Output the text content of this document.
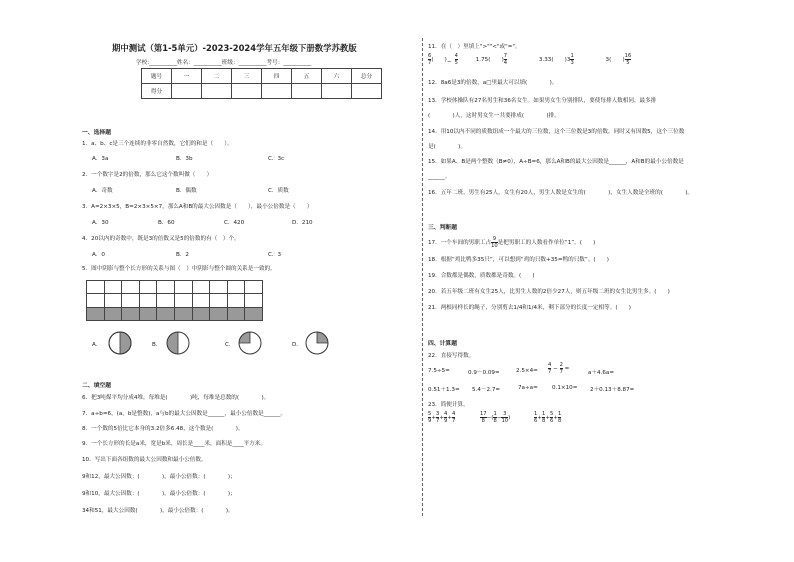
期中测试（第1-5单元）-2023-2024学年五年级下册数学苏教版
学校:__________姓名：__________班级：__________考号：__________
题号	一	二	三	四	五	六	总分
得分							
一、选择题
1．a、b、c是三个连续的非零自然数，它们的和是（　　）。
A．3a	B．3b	C．3c
2．一个数字是2的倍数，那么它这个数叫做（　　）
A．奇数	B．偶数	C．质数
3．A=2×3×5，B=2×3×5×7，那么A和B的最大公因数是（　　），最小公倍数是（　　）
A．30	B．60	C．420	D．210
4．20以内的奇数中，既是3的倍数又是5的倍数的有（　）个。
A．0	B．2	C．3
5．图中阴影与整个长方形的关系与图（　）中阴影与整个圆的关系是一致的。
A．	B．	C．	D．
二、填空题
6．把3吨煤平均分成4堆，每堆是(　　　　)吨，每堆是总数的(　　　　)。
7．a÷b=6，(a，b是整数)，a与b的最大公因数是______，最小公倍数是______。
8．一个数的5倍比它本身的3.2倍多6.48，这个数是(　　　　)。
9．一个长方形的长是a米，宽是b米，周长是____米，面积是____平方米。
10．写出下面各组数的最大公因数和最小公倍数。
9和12，最大公因数：(　　　　)，最小公倍数：(　　　　)；
9和10，最大公因数：(　　　　)，最小公倍数：(　　　　)；
34和51，最大公因数(　　　　)，最小公倍数：(　　　　)。
11．在（　）里填上">""<"或"="。
$\frac{6}{7}$ (　　) $\frac{4}{5}$	1.75(　　) $\frac{7}{4}$	3.33(　　)$3 \frac{1}{3}$	3(　　) $\frac{16}{5}$
−
12．8a6是3的倍数，a□里最大可以填(　　　　)。
13．学校体操队有27名男生和36名女生。如果男女生分别排队，要使每排人数相同，最多排
(　　　　)人，这时男女生一共要排成(　　　　)排。
14．用10以内不同的质数组成一个最大的三位数，这个三位数是3的倍数，同时又有因数5，这个三位数
是(　　　　)。
15．如果A、B是两个整数（B≠0），A÷B=6，那么A和B的最大公因数是______，A和B的最小公倍数是
______。
16．五年二班，男生有25人，女生有20人，男生人数是女生的(　　　　)，女生人数是全班的(　　　　)。
三、判断题
17．一个车间的男职工占 $\frac{9}{10}$ 是把男职工的人数看作单位“1”。(　　)
18．根据“鸡比鸭多35只”，可以想到“鸡的只数+35=鸭的只数”。(　　)
19．合数都是偶数，质数都是奇数。(　　)
20．若五年级二班有女生25人，比男生人数的2倍少27人，则五年级二班的女生比男生多。(　　)
21．两根同样长的绳子，分别剪去1/4和1/4米，剩下部分的长度一定相等。(　　)
四、计算题
22．直接写得数。
7.5÷5=	0.9－0.09=	$2.5\times 4= \frac{4}{7} - \frac{2}{7}$ =
a＋4.6a=
0.51＋1.3= 5.4－2.7=	7a÷a=	0.1×10= 2＋0.13＋8.87=
23．简便计算。
$\frac{5}{9} + \frac{3}{7} + \frac{4}{9} + \frac{4}{7}$	$\frac{17}{8}$ −( $\frac{1}{8} - \frac{3}{10}$ )	$\frac{1}{6} + \frac{1}{8} + \frac{5}{6} + \frac{1}{8}$
